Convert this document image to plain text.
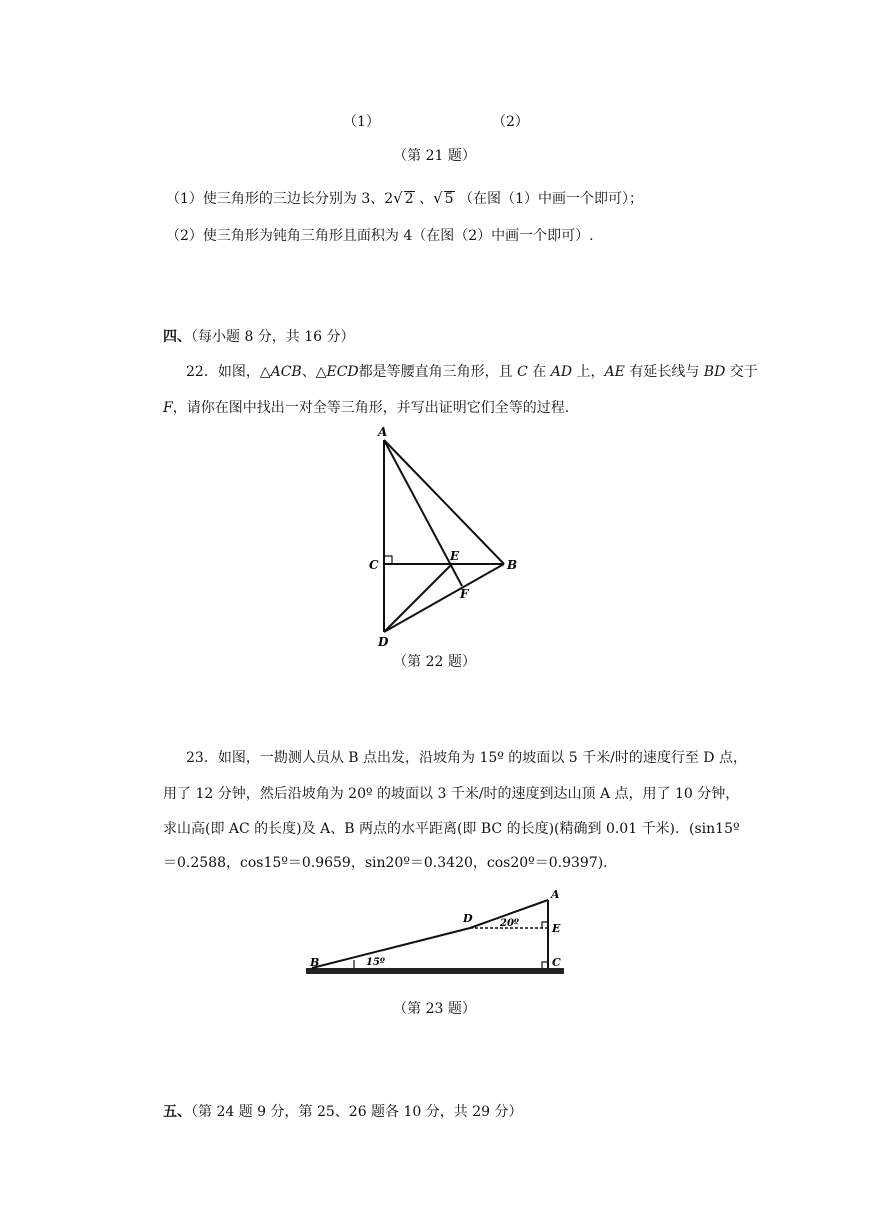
（1）	（2）
（第 21 题）
（1）使三角形的三边长分别为 3、2√ 2 、√ 5 （在图（1）中画一个即可）；
（2）使三角形为钝角三角形且面积为 4（在图（2）中画一个即可）.
四、（每小题 8 分，共 16 分）
22．如图，△ACB、△ECD都是等腰直角三角形，且 C 在 AD 上，AE 有延长线与 BD 交于
F，请你在图中找出一对全等三角形，并写出证明它们全等的过程.
A
C
E
B
F
D
（第 22 题）
23．如图，一勘测人员从 B 点出发，沿坡角为 15º 的坡面以 5 千米/时的速度行至 D 点，
用了 12 分钟，然后沿坡角为 20º 的坡面以 3 千米/时的速度到达山顶 A 点，用了 10 分钟，
求山高(即 AC 的长度)及 A、B 两点的水平距离(即 BC 的长度)(精确到 0.01 千米)．(sin15º
＝0.2588，cos15º＝0.9659，sin20º＝0.3420，cos20º＝0.9397)．
A
D	20º	E
B	15º	C
（第 23 题）
五、（第 24 题 9 分，第 25、26 题各 10 分，共 29 分）
